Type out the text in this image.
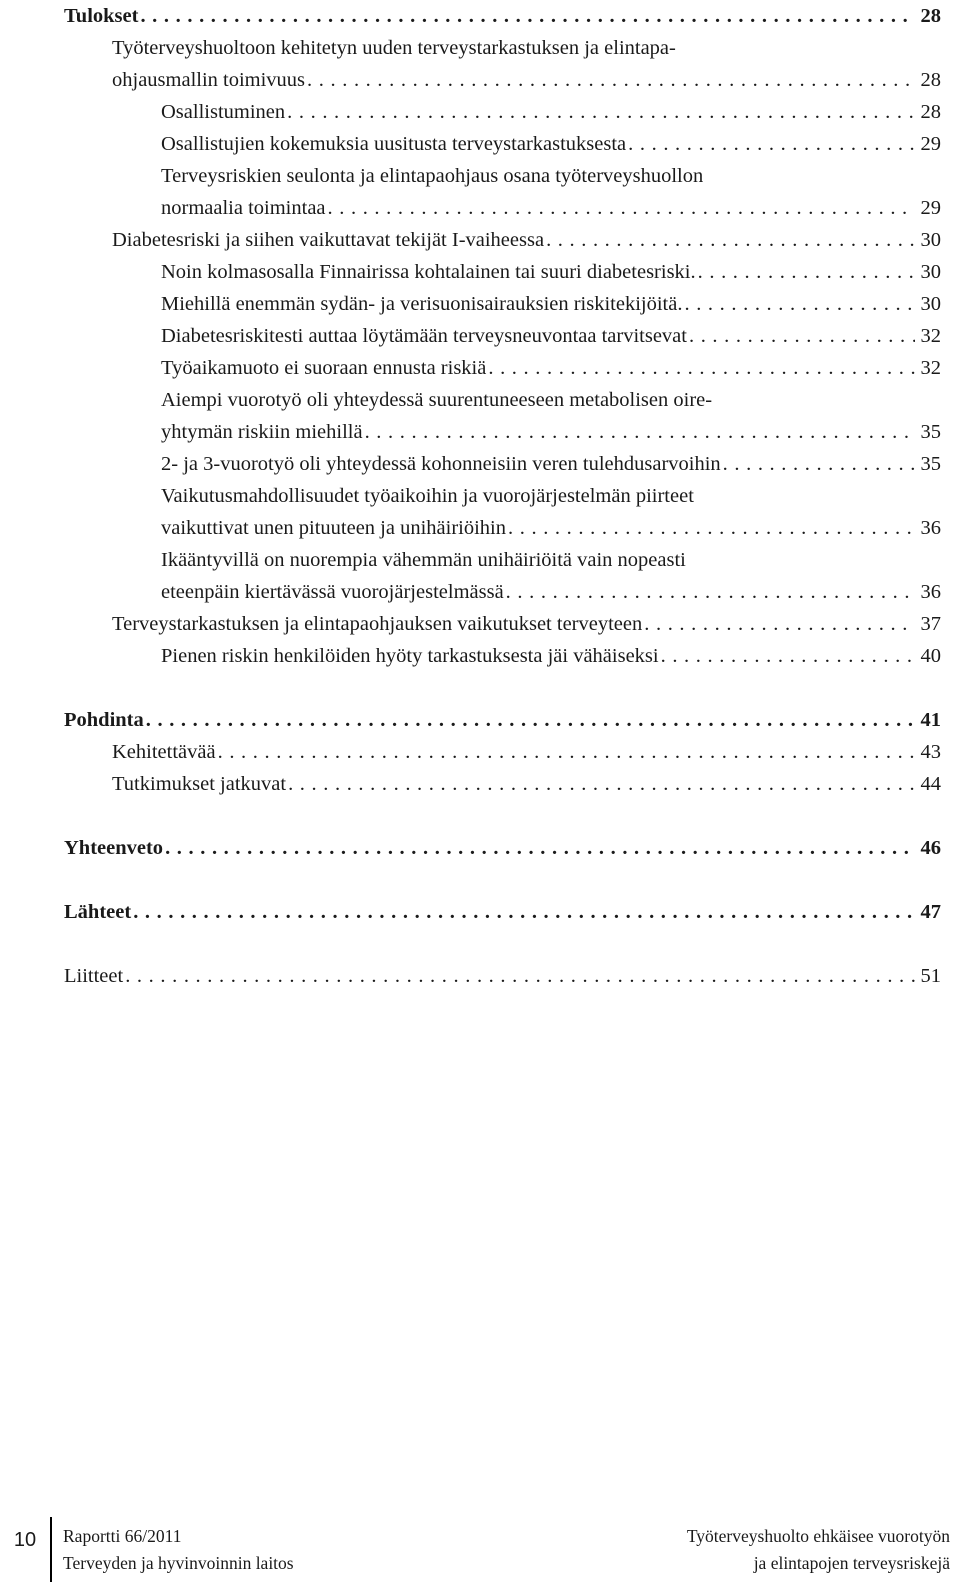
Tulokset .....	28
Työterveyshuoltoon kehitetyn uuden terveystarkastuksen ja elintapa-
ohjausmallin toimivuus .....	28
Osallistuminen .....	28
Osallistujien kokemuksia uusitusta terveystarkastuksesta .....	29
Terveysriskien seulonta ja elintapaohjaus osana työterveyshuollon
normaalia toimintaa .....	29
Diabetesriski ja siihen vaikuttavat tekijät I-vaiheessa .....	30
Noin kolmasosalla Finnairissa kohtalainen tai suuri diabetesriski. .....	30
Miehillä enemmän sydän- ja verisuonisairauksien riskitekijöitä. .....	30
Diabetesriskitesti auttaa löytämään terveysneuvontaa tarvitsevat .....	32
Työaikamuoto ei suoraan ennusta riskiä .....	32
Aiempi vuorotyö oli yhteydessä suurentuneeseen metabolisen oire-
yhtymän riskiin miehillä .....	35
2- ja 3-vuorotyö oli yhteydessä kohonneisiin veren tulehdusarvoihin .....	35
Vaikutusmahdollisuudet työaikoihin ja vuorojärjestelmän piirteet
vaikuttivat unen pituuteen ja unihäiriöihin .....	36
Ikääntyvillä on nuorempia vähemmän unihäiriöitä vain nopeasti
eteenpäin kiertävässä vuorojärjestelmässä .....	36
Terveystarkastuksen ja elintapaohjauksen vaikutukset terveyteen .....	37
Pienen riskin henkilöiden hyöty tarkastuksesta jäi vähäiseksi .....	40
Pohdinta .....	41
Kehitettävää .....	43
Tutkimukset jatkuvat .....	44
Yhteenveto .....	46
Lähteet .....	47
Liitteet .....	51
10	Raportti 66/2011
Terveyden ja hyvinvoinnin laitos
Työterveyshuolto ehkäisee vuorotyön
ja elintapojen terveysriskejä
